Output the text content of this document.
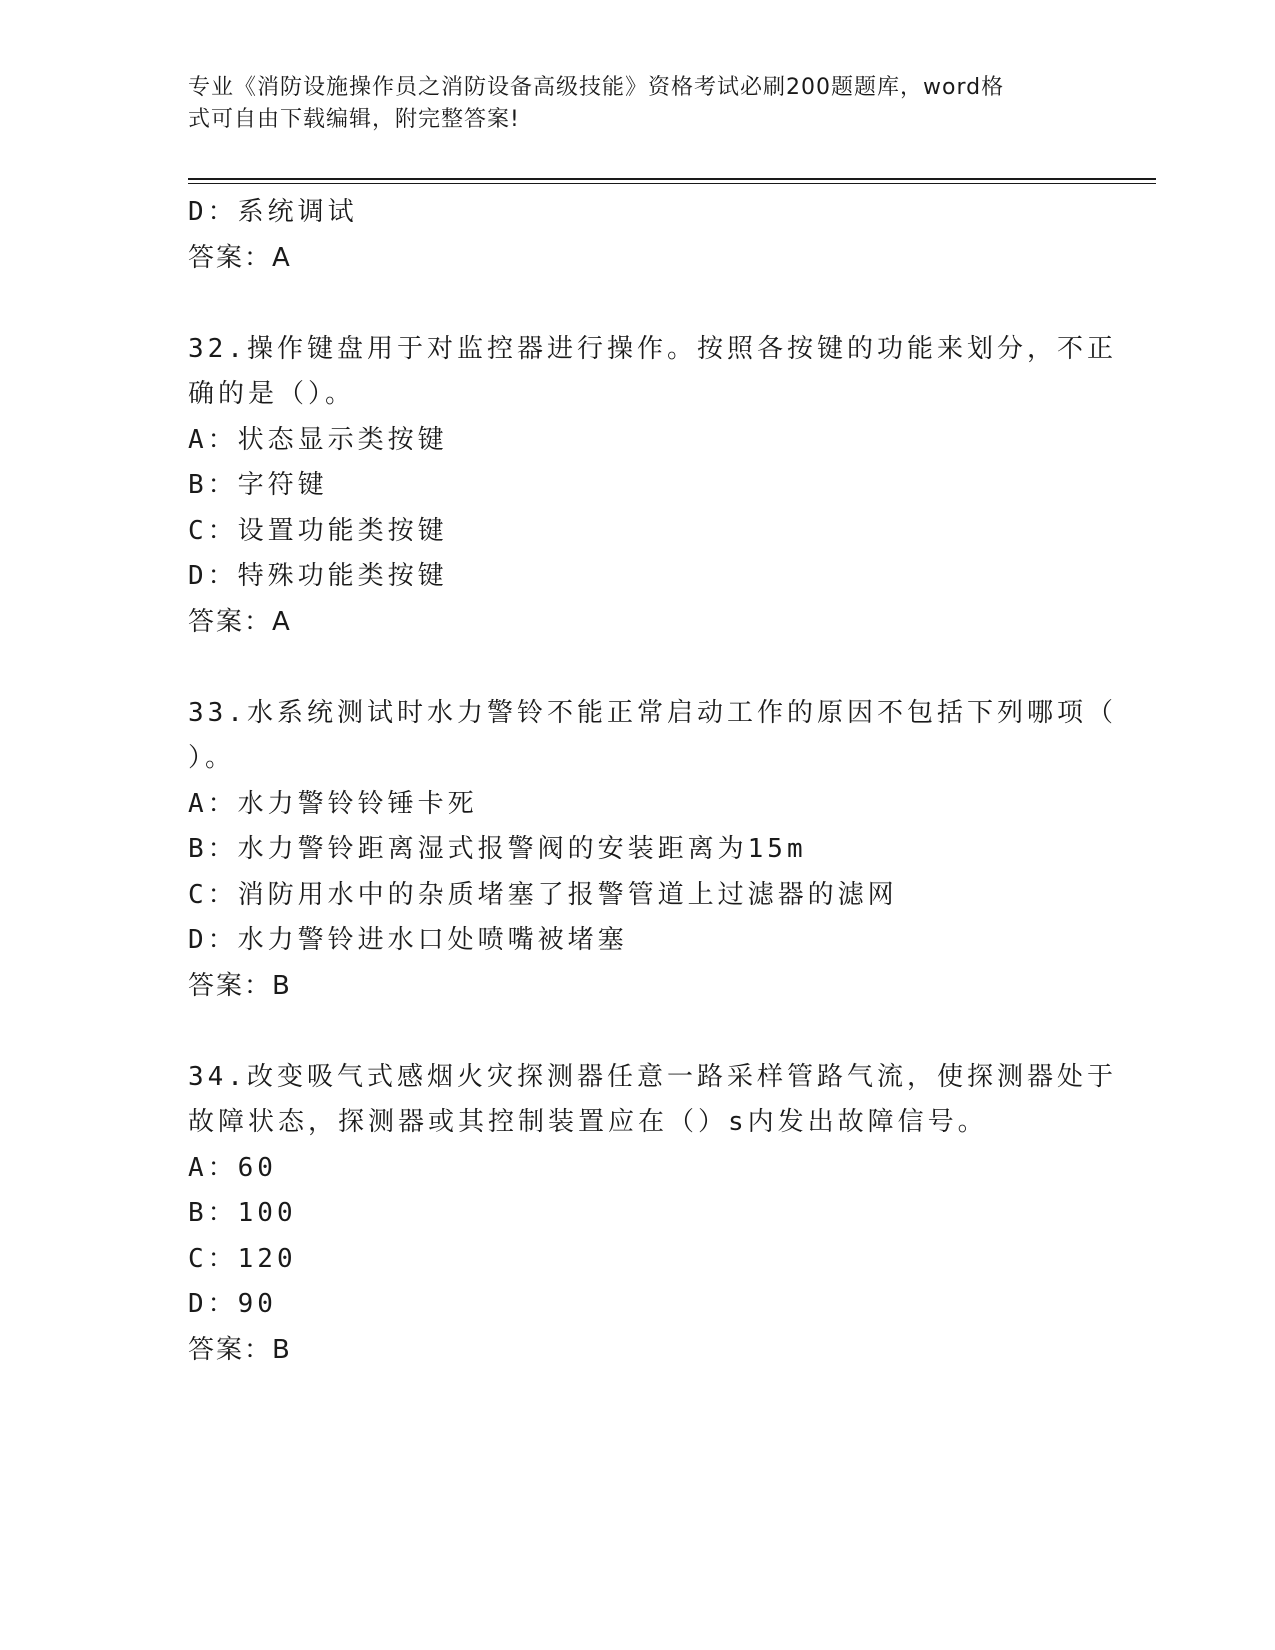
专业《消防设施操作员之消防设备高级技能》资格考试必刷200题题库，word格
式可自由下载编辑，附完整答案!
D：系统调试
答案：A
32.操作键盘用于对监控器进行操作。按照各按键的功能来划分，不正
确的是（）。
A：状态显示类按键
B：字符键
C：设置功能类按键
D：特殊功能类按键
答案：A
33.水系统测试时水力警铃不能正常启动工作的原因不包括下列哪项（
）。
A：水力警铃铃锤卡死
B：水力警铃距离湿式报警阀的安装距离为15m
C：消防用水中的杂质堵塞了报警管道上过滤器的滤网
D：水力警铃进水口处喷嘴被堵塞
答案：B
34.改变吸气式感烟火灾探测器任意一路采样管路气流，使探测器处于
故障状态，探测器或其控制装置应在（）s内发出故障信号。
A：60
B：100
C：120
D：90
答案：B
